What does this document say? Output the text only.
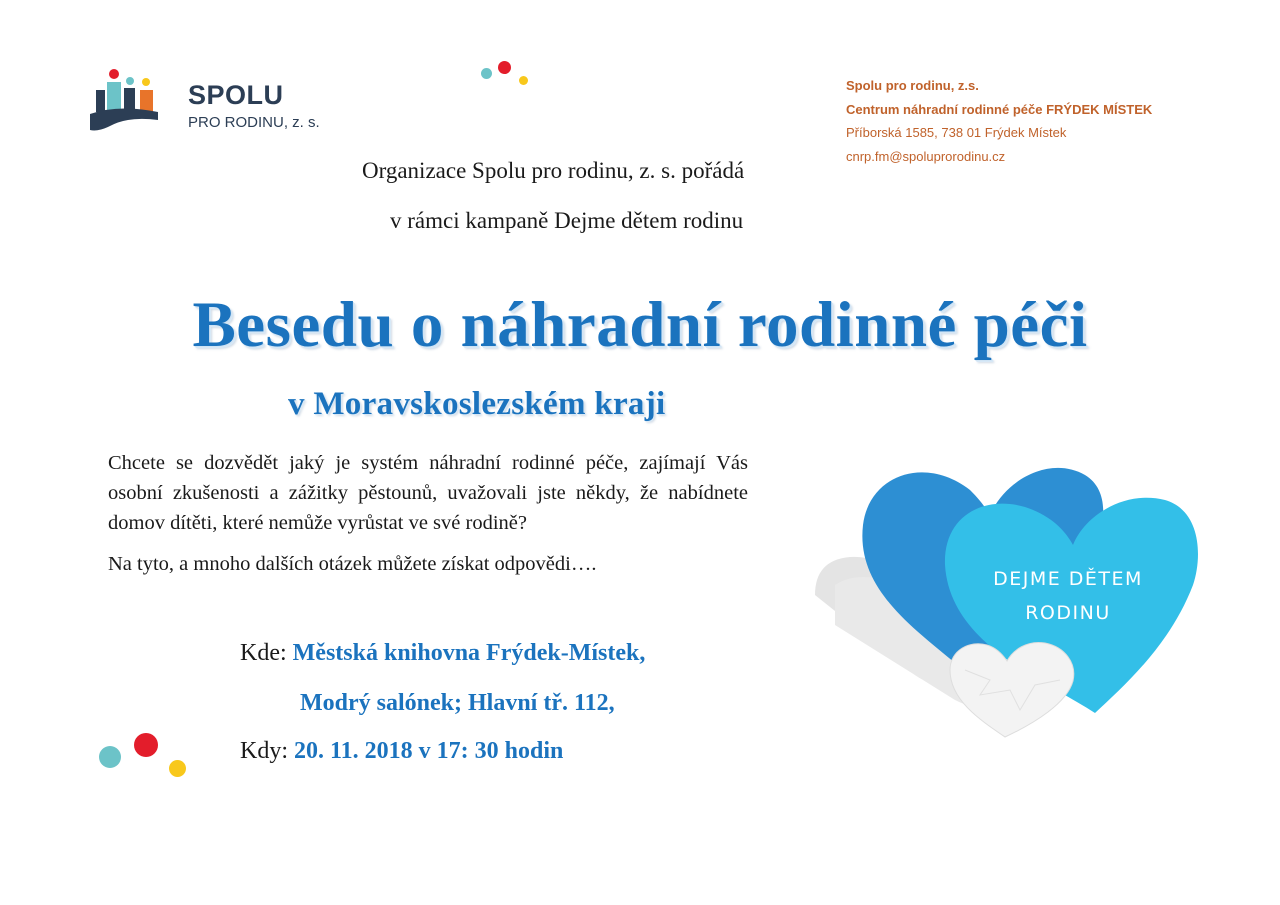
SPOLU
PRO RODINU, z. s.
Spolu pro rodinu, z.s.
Centrum náhradní rodinné péče FRÝDEK MÍSTEK
Příborská 1585, 738 01 Frýdek Místek
cnrp.fm@spoluprorodinu.cz
Organizace Spolu pro rodinu, z. s. pořádá
v rámci kampaně Dejme dětem rodinu
Besedu o náhradní rodinné péči
v Moravskoslezském kraji
Chcete se dozvědět jaký je systém náhradní rodinné péče, zajímají Vás osobní zkušenosti a zážitky pěstounů, uvažovali jste někdy, že nabídnete domov dítěti, které nemůže vyrůstat ve své rodině?
Na tyto, a mnoho dalších otázek můžete získat odpovědi….
Kde: Městská knihovna Frýdek-Místek,
Modrý salónek; Hlavní tř. 112,
Kdy: 20. 11. 2018 v 17: 30 hodin
DEJME DĚTEM
RODINU
